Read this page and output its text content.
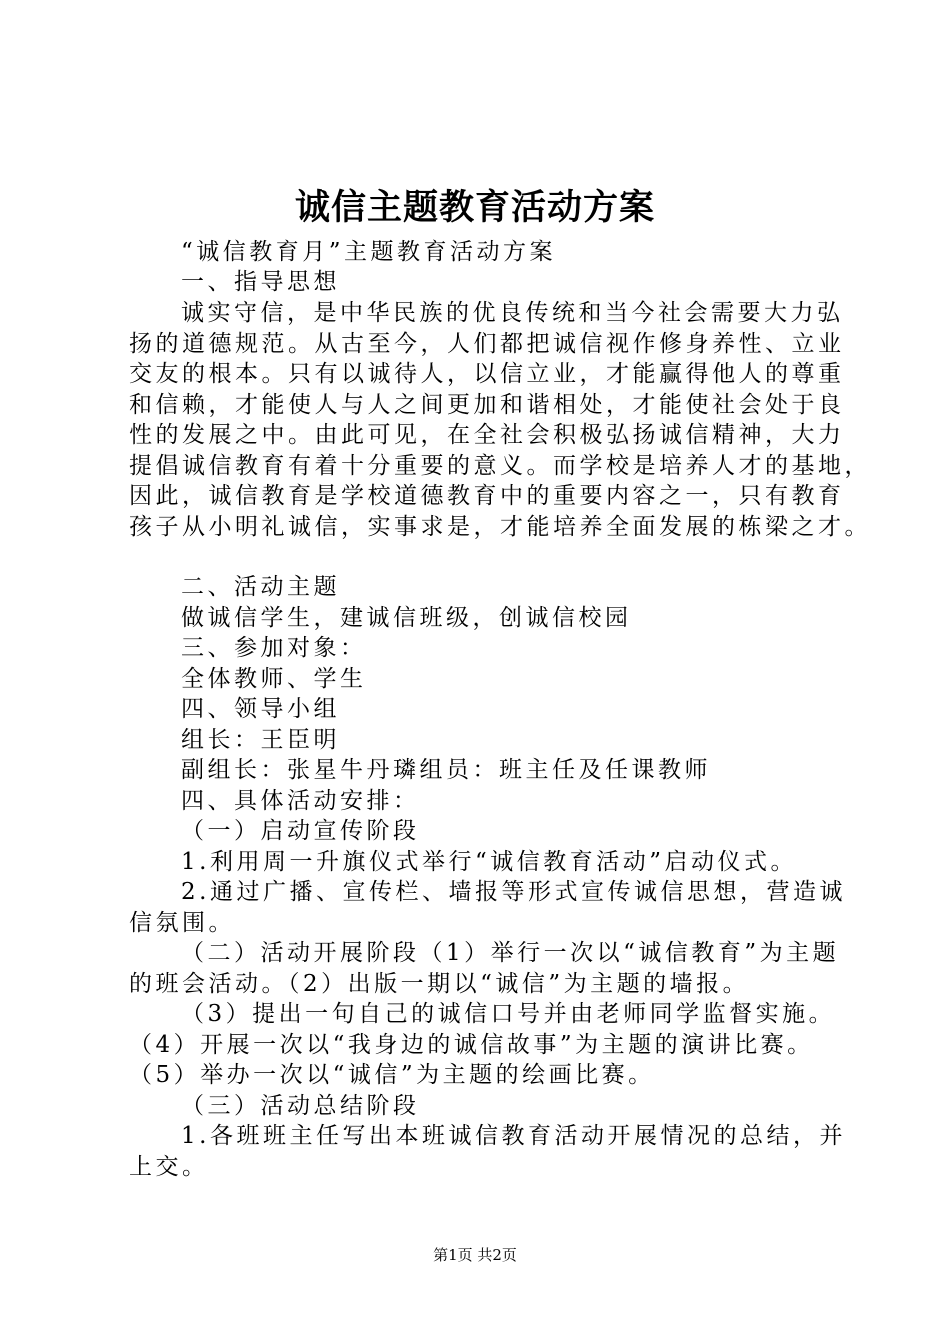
诚信主题教育活动方案
“诚信教育月”主题教育活动方案
一、指导思想
诚实守信，是中华民族的优良传统和当今社会需要大力弘
扬的道德规范。从古至今，人们都把诚信视作修身养性、立业
交友的根本。只有以诚待人，以信立业，才能赢得他人的尊重
和信赖，才能使人与人之间更加和谐相处，才能使社会处于良
性的发展之中。由此可见，在全社会积极弘扬诚信精神，大力
提倡诚信教育有着十分重要的意义。而学校是培养人才的基地，
因此，诚信教育是学校道德教育中的重要内容之一，只有教育
孩子从小明礼诚信，实事求是，才能培养全面发展的栋梁之才。
二、活动主题
做诚信学生，建诚信班级，创诚信校园
三、参加对象：
全体教师、学生
四、领导小组
组长：王臣明
副组长：张星牛丹璘组员：班主任及任课教师
四、具体活动安排：
（一）启动宣传阶段
1.利用周一升旗仪式举行“诚信教育活动”启动仪式。
2.通过广播、宣传栏、墙报等形式宣传诚信思想，营造诚
信氛围。
（二）活动开展阶段（1）举行一次以“诚信教育”为主题
的班会活动。（2）出版一期以“诚信”为主题的墙报。
（3）提出一句自己的诚信口号并由老师同学监督实施。
（4）开展一次以“我身边的诚信故事”为主题的演讲比赛。
（5）举办一次以“诚信”为主题的绘画比赛。
（三）活动总结阶段
1.各班班主任写出本班诚信教育活动开展情况的总结，并
上交。
第1页 共2页
